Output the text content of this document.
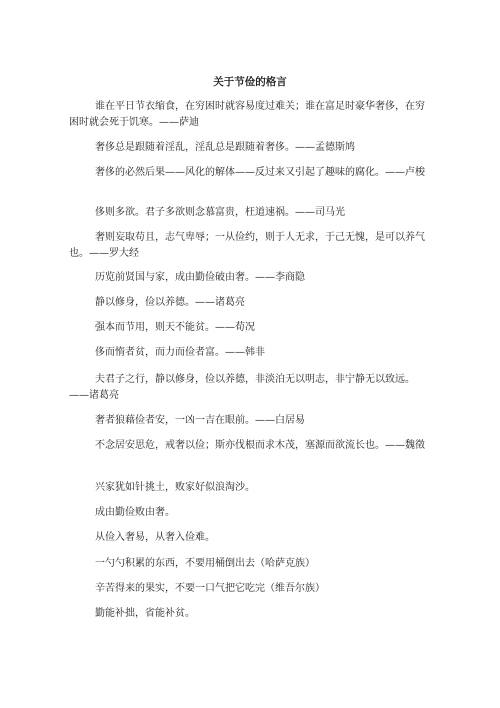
关于节俭的格言

谁在平日节衣缩食，在穷困时就容易度过难关；谁在富足时豪华奢侈，在穷困时就会死于饥寒。——萨迪

奢侈总是跟随着淫乱，淫乱总是跟随着奢侈。——孟德斯鸠

奢侈的必然后果——风化的解体——反过来又引起了趣味的腐化。——卢梭

侈则多欲。君子多欲则念慕富贵，枉道速祸。——司马光

奢则妄取苟且，志气卑辱；一从俭约，则于人无求，于己无愧，是可以养气也。——罗大经

历览前贤国与家，成由勤俭破由奢。——李商隐

静以修身，俭以养德。——诸葛亮

强本而节用，则天不能贫。——荀况

侈而惰者贫，而力而俭者富。——韩非

夫君子之行，静以修身，俭以养德，非淡泊无以明志，非宁静无以致远。——诸葛亮

奢者狼藉俭者安，一凶一吉在眼前。——白居易

不念居安思危，戒奢以俭；斯亦伐根而求木茂，塞源而欲流长也。——魏徵

兴家犹如针挑土，败家好似浪淘沙。

成由勤俭败由奢。

从俭入奢易，从奢入俭难。

一勺勺积累的东西，不要用桶倒出去（哈萨克族）

辛苦得来的果实，不要一口气把它吃完（维吾尔族）

勤能补拙，省能补贫。
